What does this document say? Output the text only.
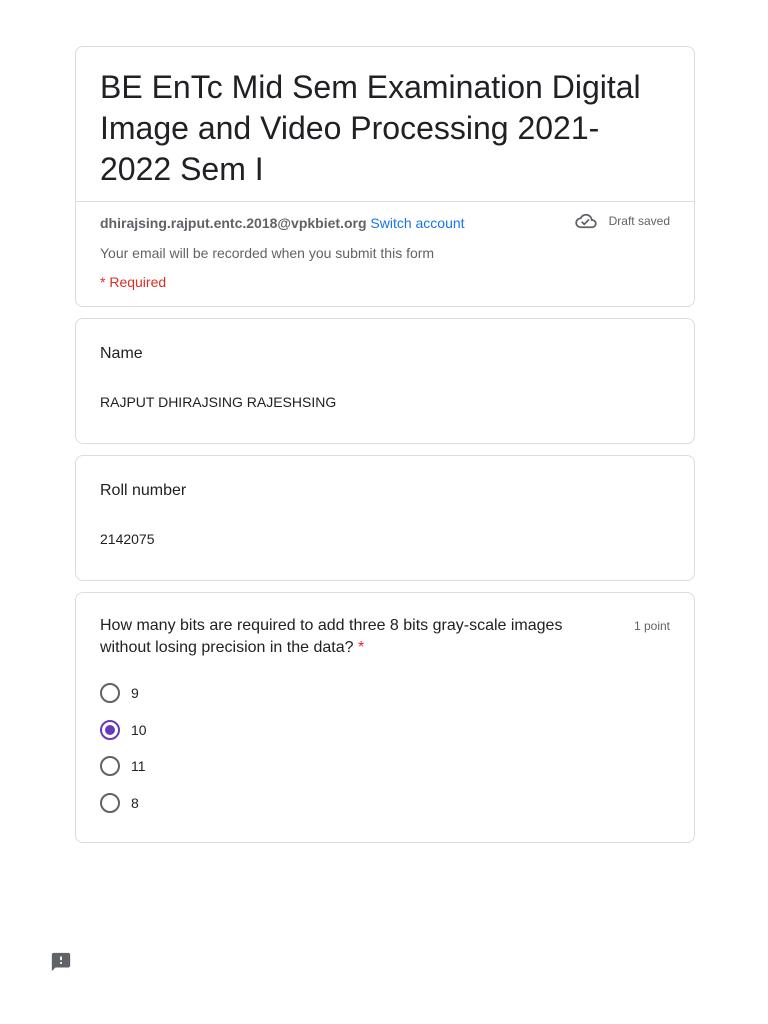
BE EnTc Mid Sem Examination Digital Image and Video Processing 2021-2022 Sem I
dhirajsing.rajput.entc.2018@vpkbiet.org Switch account	Draft saved
Your email will be recorded when you submit this form
* Required
Name
RAJPUT DHIRAJSING RAJESHSING
Roll number
2142075
How many bits are required to add three 8 bits gray-scale images without losing precision in the data? *
1 point
9
10
11
8
